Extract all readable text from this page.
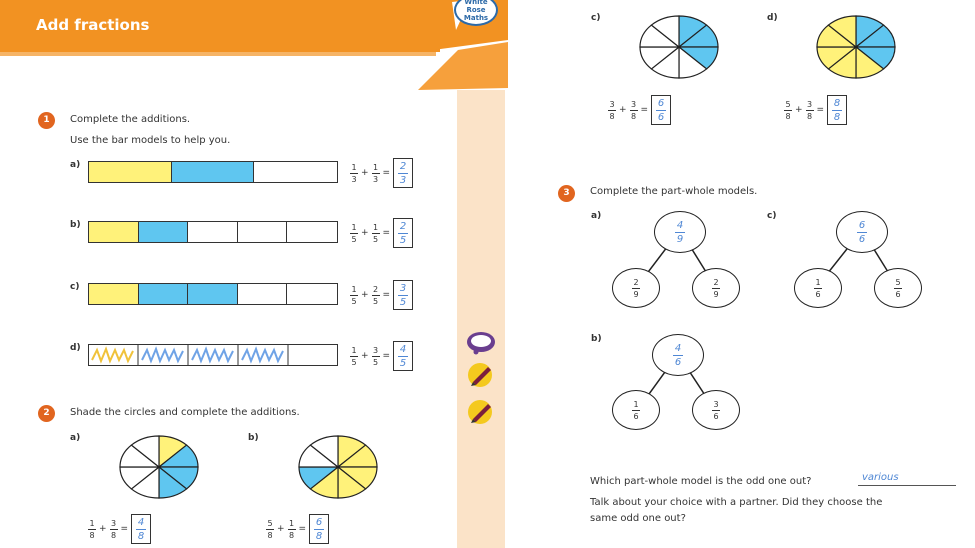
Add fractions
White
Rose
Maths
1	Complete the additions.
Use the bar models to help you.
a)	$\frac{1}{3} + \frac{1}{3}$ =
2
3
b)	$\frac{1}{5} + \frac{1}{5}$ =
2
5
c)	$\frac{1}{5} + \frac{2}{5}$ =
3
5
d)	$\frac{1}{5} + \frac{3}{5}$ =
4
5
2	Shade the circles and complete the additions.
a)
$\frac{1}{8} + \frac{3}{8}$ =
4
8
b)
$\frac{5}{8} + \frac{1}{8}$ =
6
8
c)
$\frac{3}{8} + \frac{3}{8}$ =
6
6
d)
$\frac{5}{8} + \frac{3}{8}$ =
8
8
3	Complete the part-whole models.
a)
4
9
$\frac{2}{9}$	$\frac{2}{9}$
c)
6
6
$\frac{1}{6}$	$\frac{5}{6}$
b)
4
6
$\frac{1}{6}$	$\frac{3}{6}$
Which part-whole model is the odd one out?	various
Talk about your choice with a partner. Did they choose the
same odd one out?
